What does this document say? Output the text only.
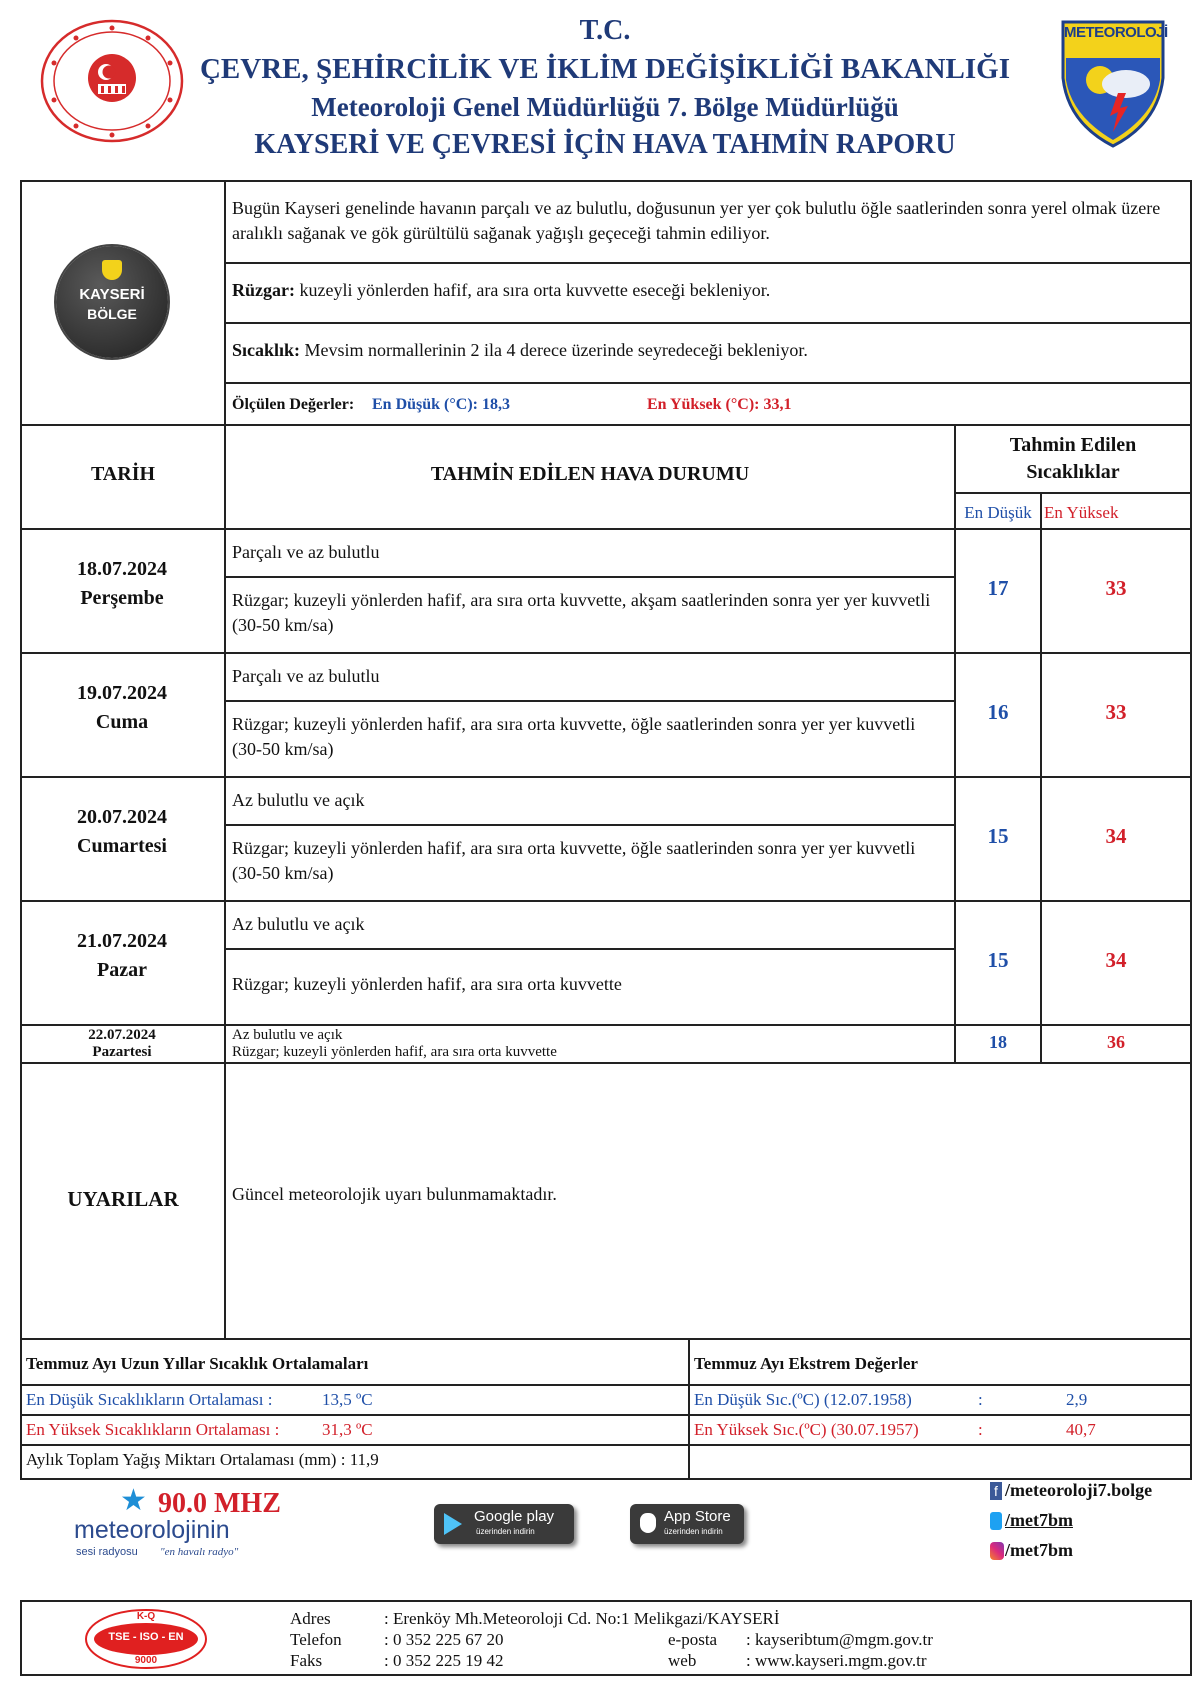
T.C.
ÇEVRE, ŞEHİRCİLİK VE İKLİM DEĞİŞİKLİĞİ BAKANLIĞI
Meteoroloji Genel Müdürlüğü 7. Bölge Müdürlüğü
KAYSERİ VE ÇEVRESİ İÇİN HAVA TAHMİN RAPORU
METEOROLOJİ
KAYSERİ
BÖLGE
Bugün Kayseri genelinde havanın parçalı ve az bulutlu, doğusunun yer yer çok bulutlu öğle saatlerinden sonra yerel olmak üzere aralıklı sağanak ve gök gürültülü sağanak yağışlı geçeceği tahmin ediliyor.
Rüzgar: kuzeyli yönlerden hafif, ara sıra orta kuvvette eseceği bekleniyor.
Sıcaklık: Mevsim normallerinin 2 ila 4 derece üzerinde seyredeceği bekleniyor.
Ölçülen Değerler: En Düşük (°C): 18,3	En Yüksek (°C): 33,1
TARİH	TAHMİN EDİLEN HAVA DURUMU
Tahmin Edilen
Sıcaklıklar
En Düşük En Yüksek
18.07.2024
Perşembe
Parçalı ve az bulutlu
Rüzgar; kuzeyli yönlerden hafif, ara sıra orta kuvvette, akşam saatlerinden sonra yer yer kuvvetli (30-50 km/sa)
17	33
19.07.2024
Cuma
Parçalı ve az bulutlu
Rüzgar; kuzeyli yönlerden hafif, ara sıra orta kuvvette, öğle saatlerinden sonra yer yer kuvvetli (30-50 km/sa)
16	33
20.07.2024
Cumartesi
Az bulutlu ve açık
Rüzgar; kuzeyli yönlerden hafif, ara sıra orta kuvvette, öğle saatlerinden sonra yer yer kuvvetli (30-50 km/sa)
15	34
21.07.2024
Pazar
Az bulutlu ve açık
Rüzgar; kuzeyli yönlerden hafif, ara sıra orta kuvvette
15	34
22.07.2024
Pazartesi
Az bulutlu ve açık
Rüzgar; kuzeyli yönlerden hafif, ara sıra orta kuvvette	18	36
UYARILAR	Güncel meteorolojik uyarı bulunmamaktadır.
Temmuz Ayı Uzun Yıllar Sıcaklık Ortalamaları
En Düşük Sıcaklıkların Ortalaması :	13,5 ºC
En Yüksek Sıcaklıkların Ortalaması :	31,3 ºC
Aylık Toplam Yağış Miktarı Ortalaması (mm) : 11,9
Temmuz Ayı Ekstrem Değerler
En Düşük Sıc.(ºC) (12.07.1958)	:	2,9
En Yüksek Sıc.(ºC) (30.07.1957)	:	40,7
★ 90.0 MHZ
meteorolojinin
sesi radyosu "en havalı radyo"
Google play
üzerinden indirin
App Store
üzerinden indirin
f /meteoroloji7.bolge
/met7bm
/met7bm
K-Q
TSE - ISO - EN
9000
Adres	: Erenköy Mh.Meteoroloji Cd. No:1 Melikgazi/KAYSERİ
Telefon : 0 352 225 67 20
Faks	: 0 352 225 19 42
e-posta : kayseribtum@mgm.gov.tr
web	: www.kayseri.mgm.gov.tr
